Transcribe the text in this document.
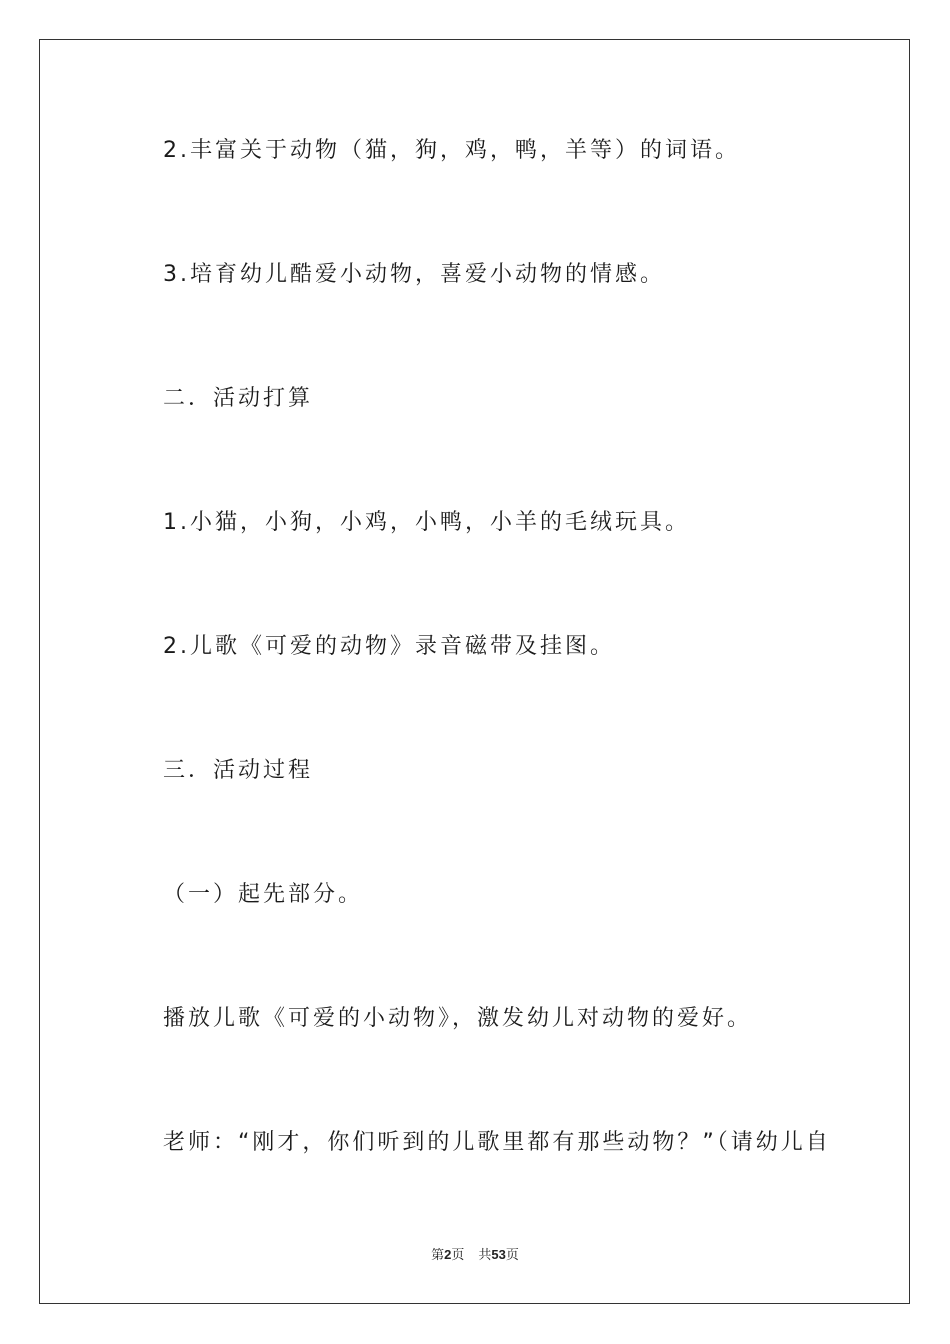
2.丰富关于动物（猫，狗，鸡，鸭，羊等）的词语。
3.培育幼儿酷爱小动物，喜爱小动物的情感。
二．活动打算
1.小猫，小狗，小鸡，小鸭，小羊的毛绒玩具。
2.儿歌《可爱的动物》录音磁带及挂图。
三．活动过程
（一）起先部分。
播放儿歌《可爱的小动物》，激发幼儿对动物的爱好。
老师：“刚才，你们听到的儿歌里都有那些动物？”（请幼儿自
第2页 共53页
